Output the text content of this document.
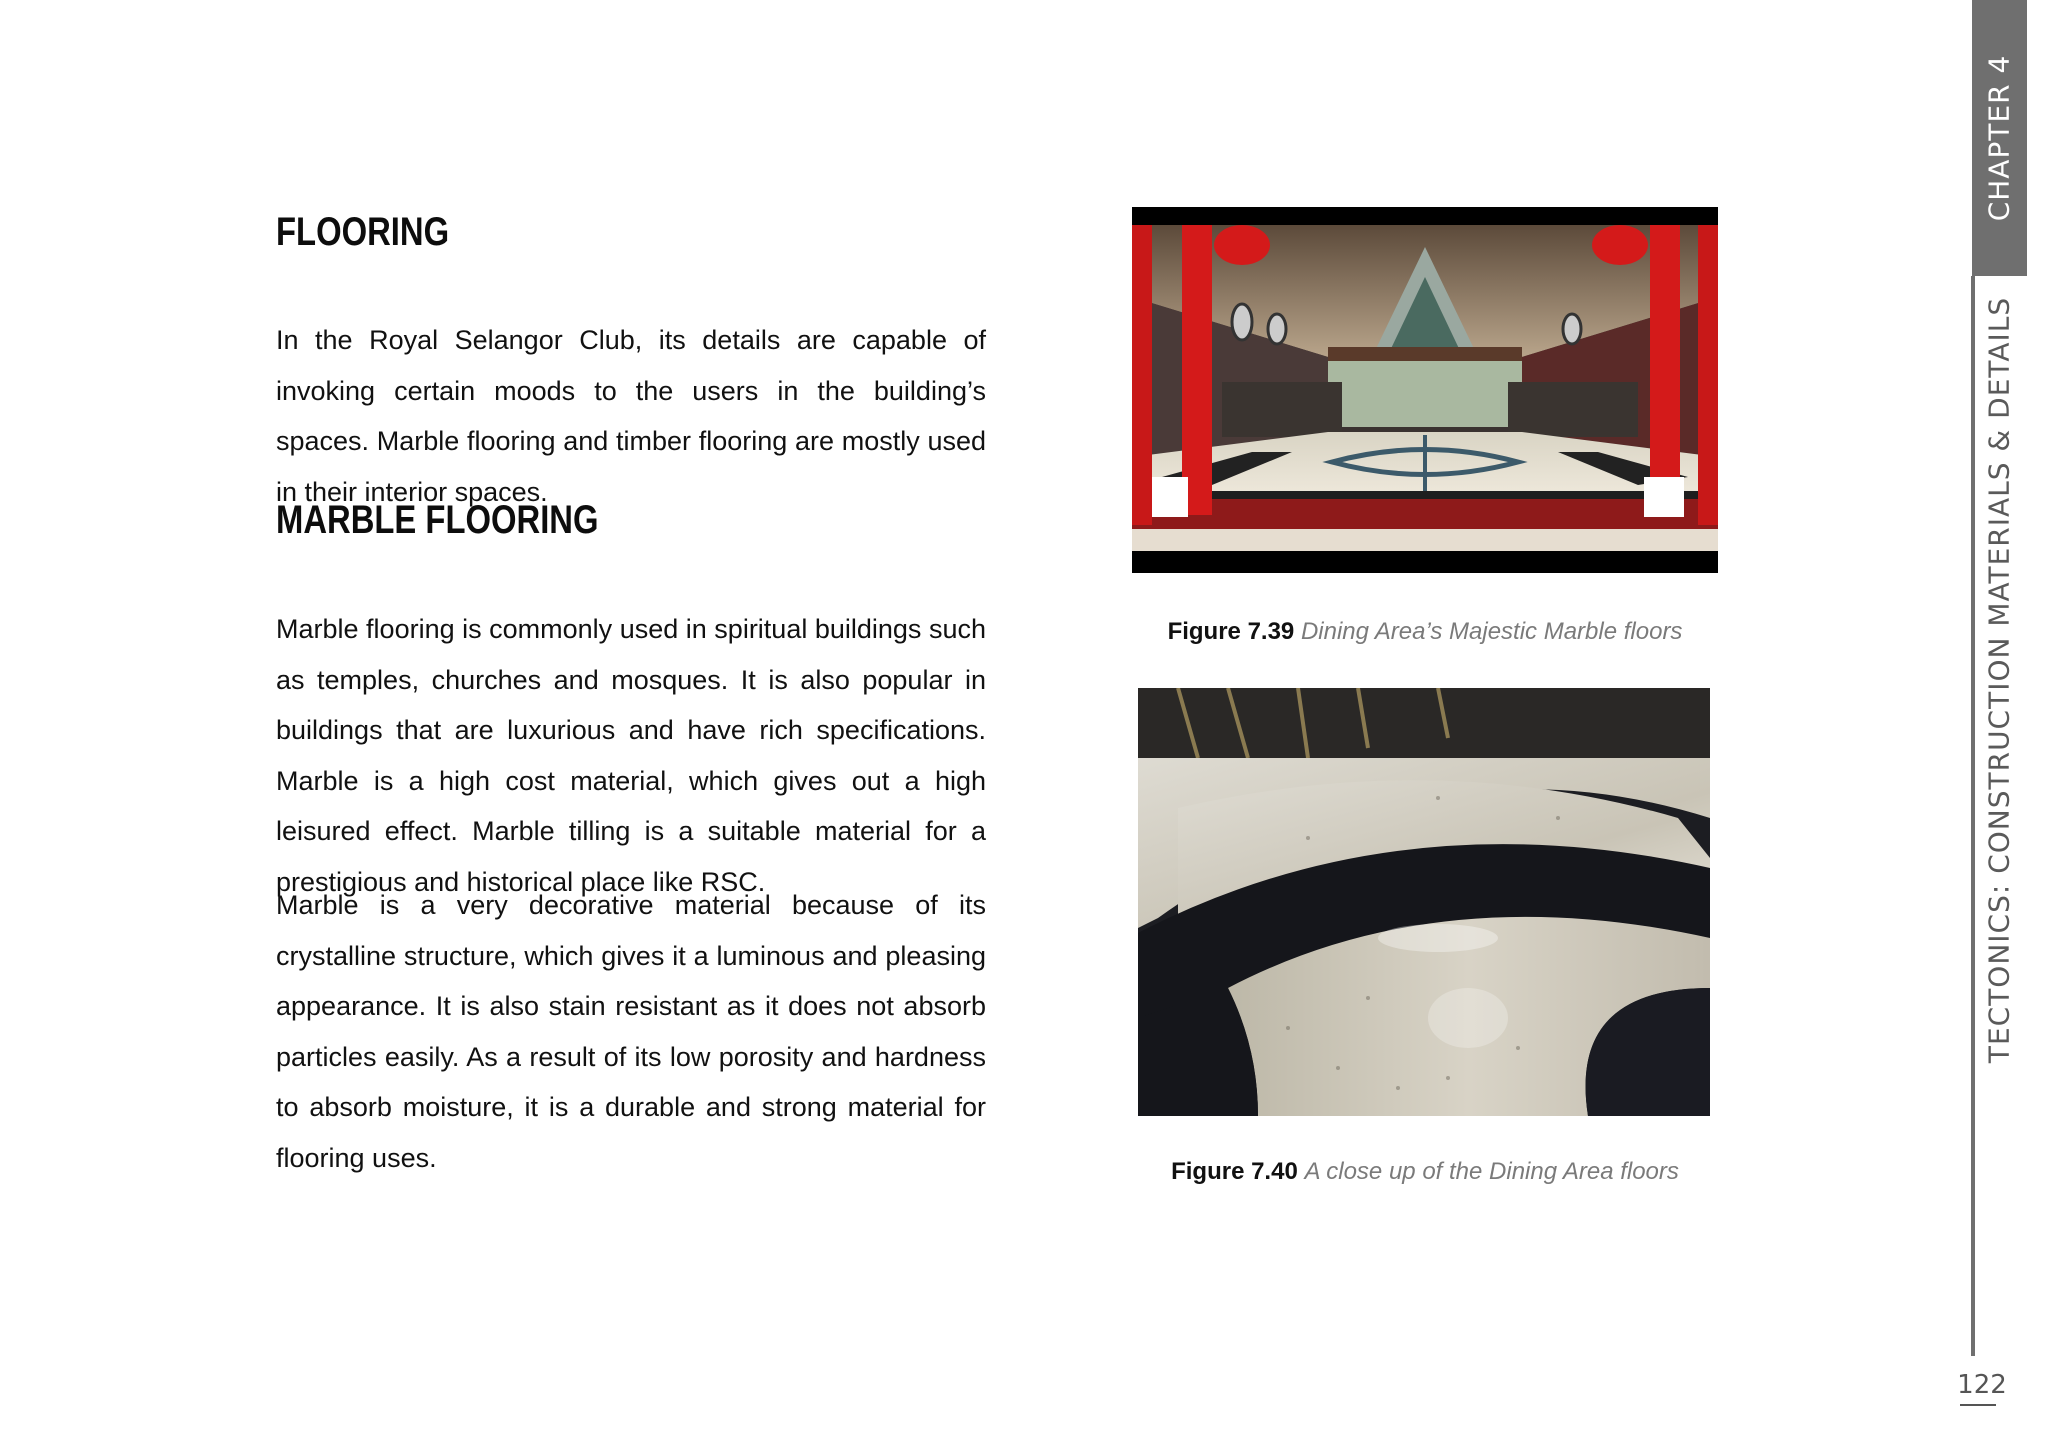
FLOORING

In the Royal Selangor Club, its details are capable of invoking certain moods to the users in the building’s spaces. Marble flooring and timber flooring are mostly used in their interior spaces.

MARBLE FLOORING

Marble flooring is commonly used in spiritual buildings such as temples, churches and mosques. It is also popular in buildings that are luxurious and have rich specifications. Marble is a high cost material, which gives out a high leisured effect. Marble tilling is a suitable material for a prestigious and historical place like RSC.

Marble is a very decorative material because of its crystalline structure, which gives it a luminous and pleasing appearance. It is also stain resistant as it does not absorb particles easily. As a result of its low porosity and hardness to absorb moisture, it is a durable and strong material for flooring uses.

Figure 7.39 Dining Area’s Majestic Marble floors
Figure 7.40 A close up of the Dining Area floors
CHAPTER 4
TECTONICS: CONSTRUCTION MATERIALS & DETAILS
122
